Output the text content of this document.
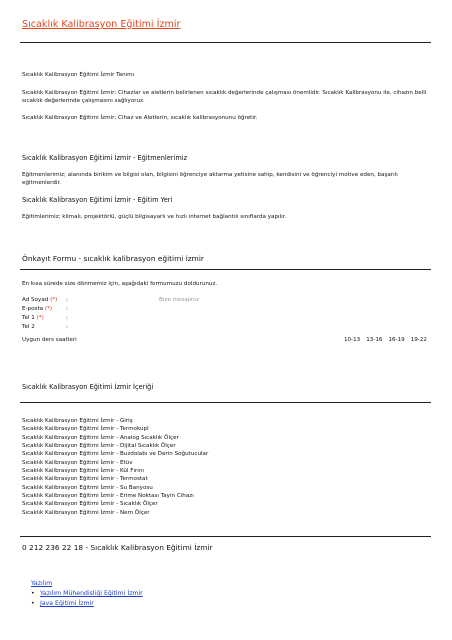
Sıcaklık Kalibrasyon Eğitimi İzmir
Sıcaklık Kalibrasyon Eğitimi İzmir Tanımı
Sıcaklık Kalibrasyon Eğitimi İzmir; Cihazlar ve aletlerin belirlenen sıcaklık değerlerinde çalışması önemlidir. Sıcaklık Kalibrasyonu ile, cihazın belli sıcaklık değerlerinde çalışmasını sağlıyoruz.
Sıcaklık Kalibrasyon Eğitimi İzmir; Cihaz ve Aletlerin, sıcaklık kalibrasyonunu öğretir.
Sıcaklık Kalibrasyon Eğitimi İzmir - Eğitmenlerimiz
Eğitmenlerimiz; alanında birikim ve bilgisi olan, bilgisini öğrenciye aktarma yetisine sahip, kendisini ve öğrenciyi motive eden, başarılı eğitmenlerdir.
Sıcaklık Kalibrasyon Eğitimi İzmir - Eğitim Yeri
Eğitimlerimiz; klimalı, projektörlü, güçlü bilgisayarlı ve hızlı internet bağlantılı sınıflarda yapılır.
Önkayıt Formu - sıcaklık kalibrasyon eğitimi izmir
En kısa sürede size dönmemiz için, aşağıdaki formumuzu doldurunuz.
Ad Soyad (*)
E-posta (*)
Tel 1 (*)
Tel 2
:
:
:
:
Bize mesajınız
Uygun ders saatleri	10-13 13-16 16-19 19-22
Sıcaklık Kalibrasyon Eğitimi İzmir İçeriği
Sıcaklık Kalibrasyon Eğitimi İzmir - Giriş
Sıcaklık Kalibrasyon Eğitimi İzmir - Termokupl
Sıcaklık Kalibrasyon Eğitimi İzmir - Analog Sıcaklık Ölçer
Sıcaklık Kalibrasyon Eğitimi İzmir - Dijital Sıcaklık Ölçer
Sıcaklık Kalibrasyon Eğitimi İzmir - Buzdolabı ve Derin Soğutucular
Sıcaklık Kalibrasyon Eğitimi İzmir - Etüv
Sıcaklık Kalibrasyon Eğitimi İzmir - Kül Fırını
Sıcaklık Kalibrasyon Eğitimi İzmir - Termostat
Sıcaklık Kalibrasyon Eğitimi İzmir - Su Banyosu
Sıcaklık Kalibrasyon Eğitimi İzmir - Erime Noktası Tayin Cihazı
Sıcaklık Kalibrasyon Eğitimi İzmir - Sıcaklık Ölçer
Sıcaklık Kalibrasyon Eğitimi İzmir - Nem Ölçer
0 212 236 22 18 - Sıcaklık Kalibrasyon Eğitimi İzmir
Yazılım
• Yazılım Mühendisliği Eğitimi İzmir
• Java Eğitimi İzmir
